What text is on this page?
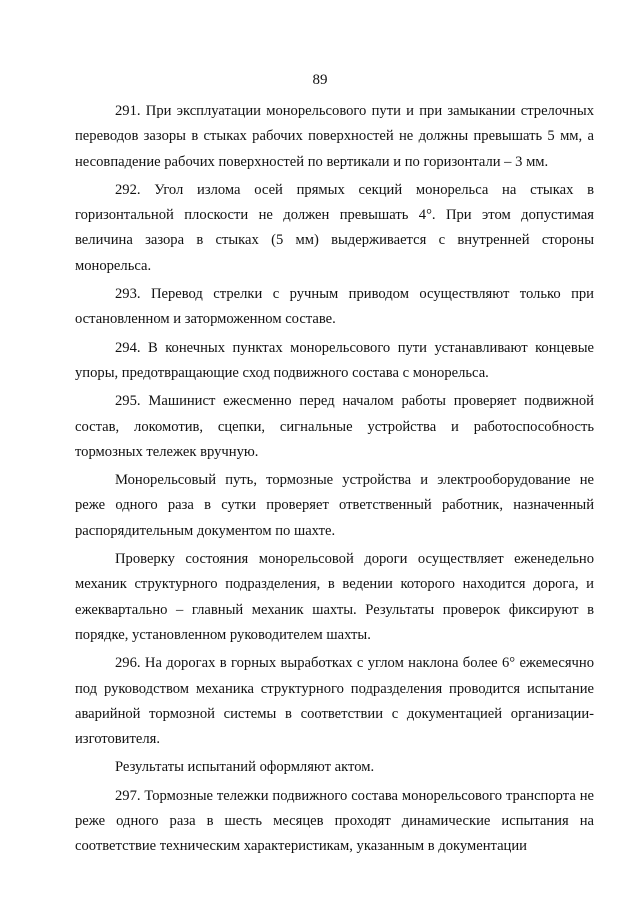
89

291. При эксплуатации монорельсового пути и при замыкании стрелочных переводов зазоры в стыках рабочих поверхностей не должны превышать 5 мм, а несовпадение рабочих поверхностей по вертикали и по горизонтали – 3 мм.

292. Угол излома осей прямых секций монорельса на стыках в горизонтальной плоскости не должен превышать 4°. При этом допустимая величина зазора в стыках (5 мм) выдерживается с внутренней стороны монорельса.

293. Перевод стрелки с ручным приводом осуществляют только при остановленном и заторможенном составе.

294. В конечных пунктах монорельсового пути устанавливают концевые упоры, предотвращающие сход подвижного состава с монорельса.

295. Машинист ежесменно перед началом работы проверяет подвижной состав, локомотив, сцепки, сигнальные устройства и работоспособность тормозных тележек вручную.

Монорельсовый путь, тормозные устройства и электрооборудование не реже одного раза в сутки проверяет ответственный работник, назначенный распорядительным документом по шахте.

Проверку состояния монорельсовой дороги осуществляет еженедельно механик структурного подразделения, в ведении которого находится дорога, и ежеквартально – главный механик шахты. Результаты проверок фиксируют в порядке, установленном руководителем шахты.

296. На дорогах в горных выработках с углом наклона более 6° ежемесячно под руководством механика структурного подразделения проводится испытание аварийной тормозной системы в соответствии с документацией организации-изготовителя.

Результаты испытаний оформляют актом.

297. Тормозные тележки подвижного состава монорельсового транспорта не реже одного раза в шесть месяцев проходят динамические испытания на соответствие техническим характеристикам, указанным в документации
